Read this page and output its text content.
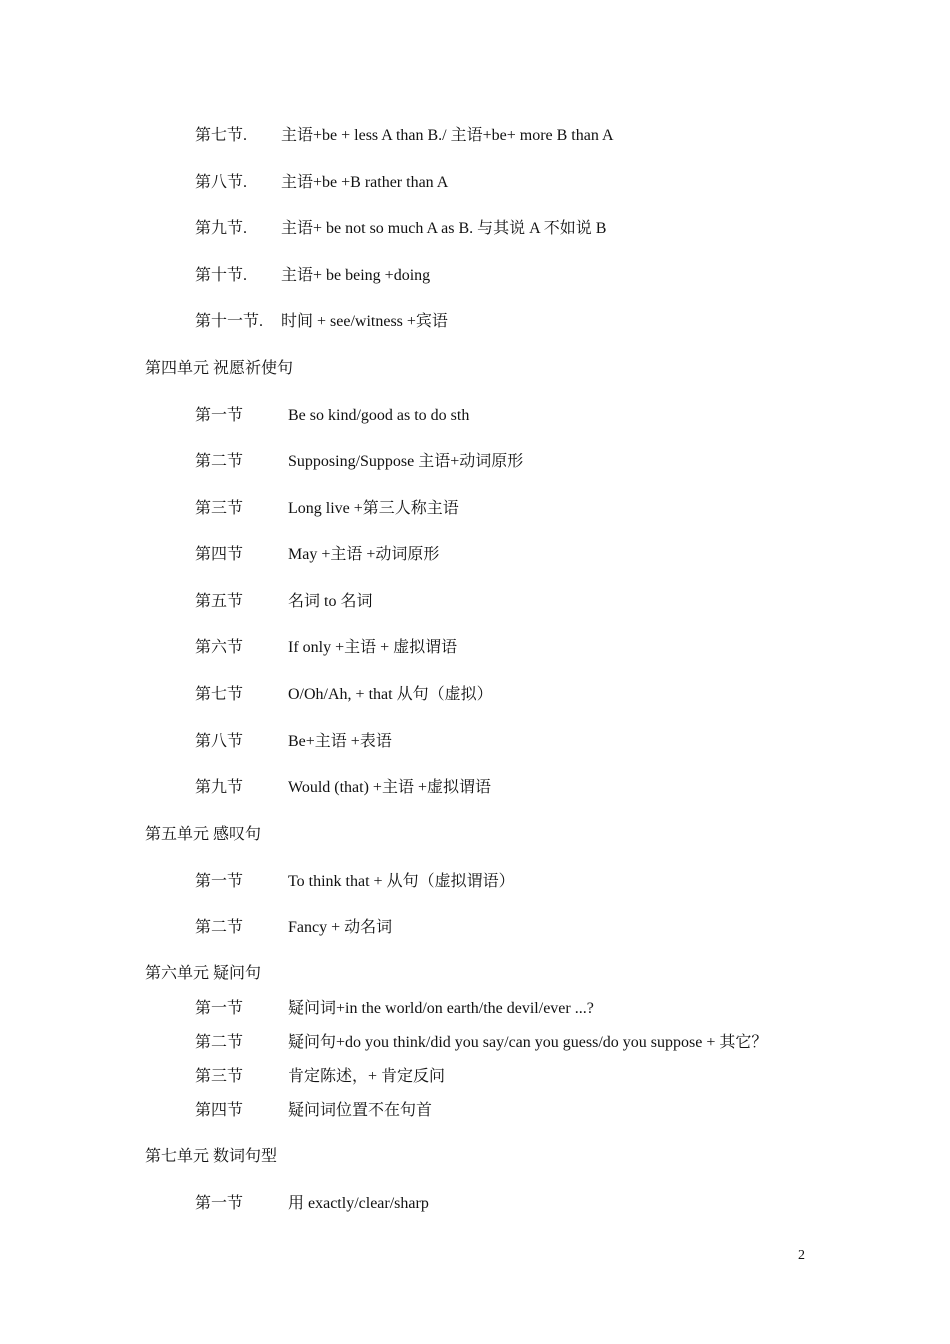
第七节. 主语+be + less A than B./ 主语+be+ more B than A
第八节. 主语+be +B rather than A
第九节. 主语+ be not so much A as B. 与其说 A 不如说 B
第十节. 主语+ be being +doing
第十一节. 时间 + see/witness +宾语
第四单元 祝愿祈使句
第一节	Be so kind/good as to do sth
第二节	Supposing/Suppose 主语+动词原形
第三节	Long live +第三人称主语
第四节	May +主语 +动词原形
第五节	名词 to 名词
第六节	If only +主语 + 虚拟谓语
第七节	O/Oh/Ah, + that 从句（虚拟）
第八节	Be+主语 +表语
第九节	Would (that) +主语 +虚拟谓语
第五单元 感叹句
第一节	To think that + 从句（虚拟谓语）
第二节	Fancy + 动名词
第六单元 疑问句
第一节	疑问词+in the world/on earth/the devil/ever ...?
第二节	疑问句+do you think/did you say/can you guess/do you suppose + 其它？
第三节	肯定陈述，+ 肯定反问
第四节	疑问词位置不在句首
第七单元 数词句型
第一节	用 exactly/clear/sharp
2
